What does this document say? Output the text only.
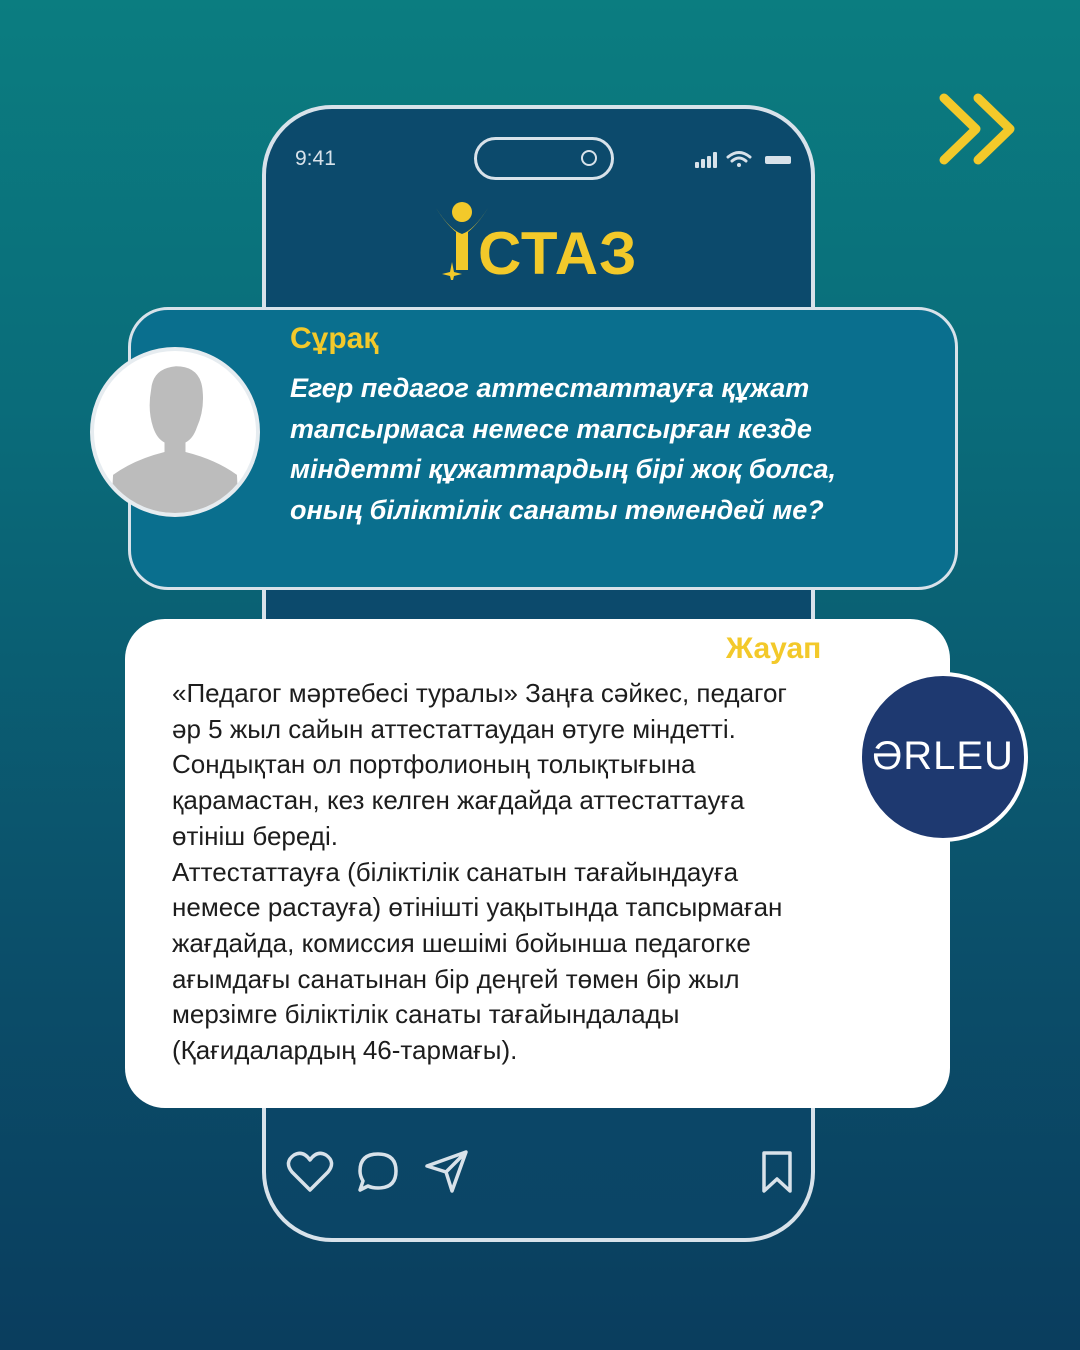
9:41
СТАЗ
Сұрақ
Егер педагог аттестаттауға құжат
тапсырмаса немесе тапсырған кезде
міндетті құжаттардың бірі жоқ болса,
оның біліктілік санаты төмендей ме?
Жауап
«Педагог мәртебесі туралы» Заңға сәйкес, педагог
әр 5 жыл сайын аттестаттаудан өтуге міндетті.
Сондықтан ол портфолионың толықтығына
қарамастан, кез келген жағдайда аттестаттауға
өтініш береді.
Аттестаттауға (біліктілік санатын тағайындауға
немесе растауға) өтінішті уақытында тапсырмаған
жағдайда, комиссия шешімі бойынша педагогке
ағымдағы санатынан бір деңгей төмен бір жыл
мерзімге біліктілік санаты тағайындалады
(Қағидалардың 46-тармағы).
ƏRLEU
